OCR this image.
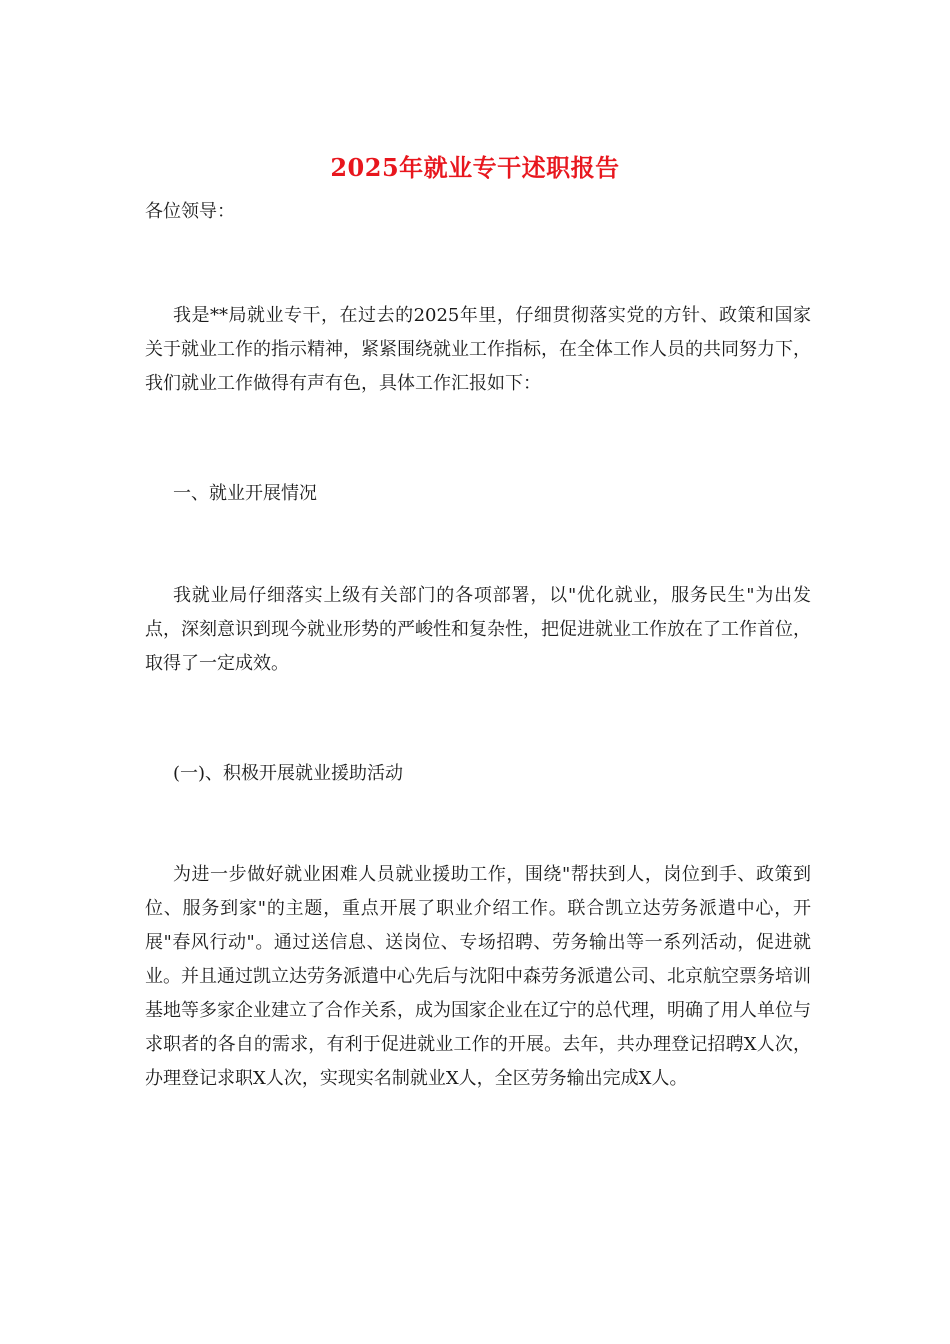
2025年就业专干述职报告
各位领导：

我是**局就业专干，在过去的2025年里，仔细贯彻落实党的方针、政策和国家关于就业工作的指示精神，紧紧围绕就业工作指标，在全体工作人员的共同努力下，我们就业工作做得有声有色，具体工作汇报如下：

一、就业开展情况

我就业局仔细落实上级有关部门的各项部署，以"优化就业，服务民生"为出发点，深刻意识到现今就业形势的严峻性和复杂性，把促进就业工作放在了工作首位，取得了一定成效。

(一)、积极开展就业援助活动

为进一步做好就业困难人员就业援助工作，围绕"帮扶到人，岗位到手、政策到位、服务到家"的主题，重点开展了职业介绍工作。联合凯立达劳务派遣中心，开展"春风行动"。通过送信息、送岗位、专场招聘、劳务输出等一系列活动，促进就业。并且通过凯立达劳务派遣中心先后与沈阳中森劳务派遣公司、北京航空票务培训基地等多家企业建立了合作关系，成为国家企业在辽宁的总代理，明确了用人单位与求职者的各自的需求，有利于促进就业工作的开展。去年，共办理登记招聘X人次，办理登记求职X人次，实现实名制就业X人，全区劳务输出完成X人。
